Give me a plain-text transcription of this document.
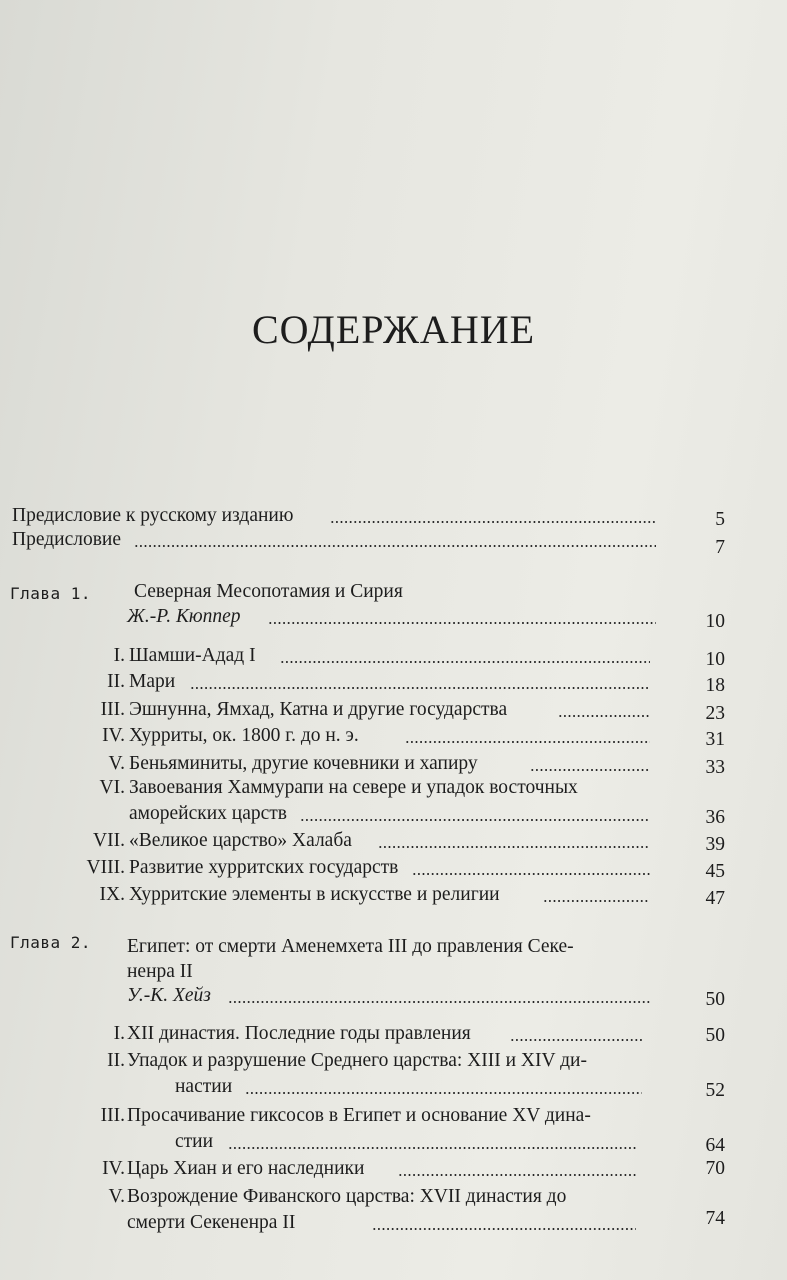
СОДЕРЖАНИЕ
Предисловие к русскому изданию	5
Предисловие	7
Глава 1. Северная Месопотамия и Сирия
Ж.-Р. Кюппер	10
I. Шамши-Адад I	10
II. Мари	18
III. Эшнунна, Ямхад, Катна и другие государства	23
IV. Хурриты, ок. 1800 г. до н. э.	31
V. Беньяминиты, другие кочевники и хапиру	33
VI. Завоевания Хаммурапи на севере и упадок восточных
аморейских царств	36
VII. «Великое царство» Халаба	39
VIII. Развитие хурритских государств	45
IX. Хурритские элементы в искусстве и религии	47
Глава 2. Египет: от смерти Аменемхета III до правления Секе-
ненра II
У.-К. Хейз	50
I. XII династия. Последние годы правления	50
II. Упадок и разрушение Среднего царства: XIII и XIV ди-
настии	52
III. Просачивание гиксосов в Египет и основание XV дина-
стии	64
IV. Царь Хиан и его наследники	70
V. Возрождение Фиванского царства: XVII династия до
смерти Секененра II	74
